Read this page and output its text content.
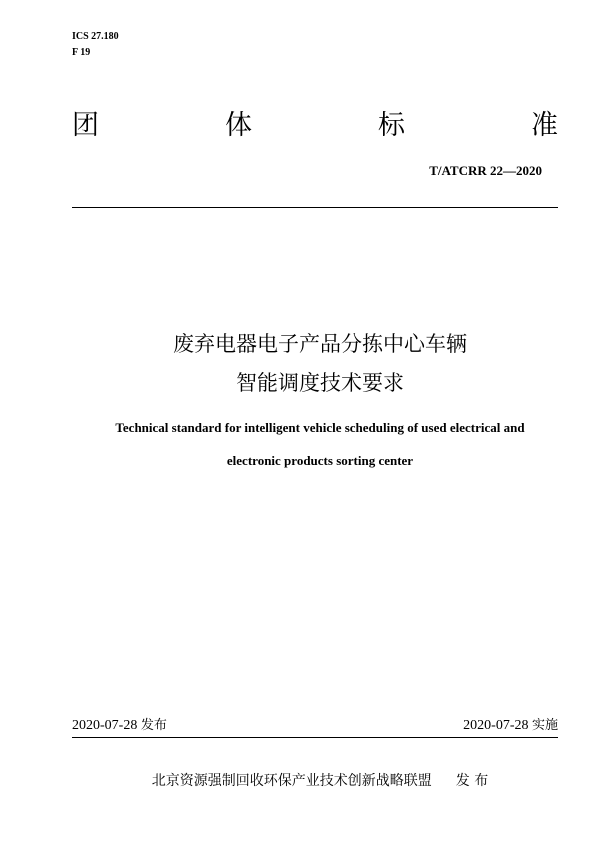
ICS 27.180
F 19
团	体	标	准
T/ATCRR 22—2020
废弃电器电子产品分拣中心车辆
智能调度技术要求
Technical standard for intelligent vehicle scheduling of used electrical and
electronic products sorting center
2020-07-28 发布	2020-07-28 实施
北京资源强制回收环保产业技术创新战略联盟 发 布
